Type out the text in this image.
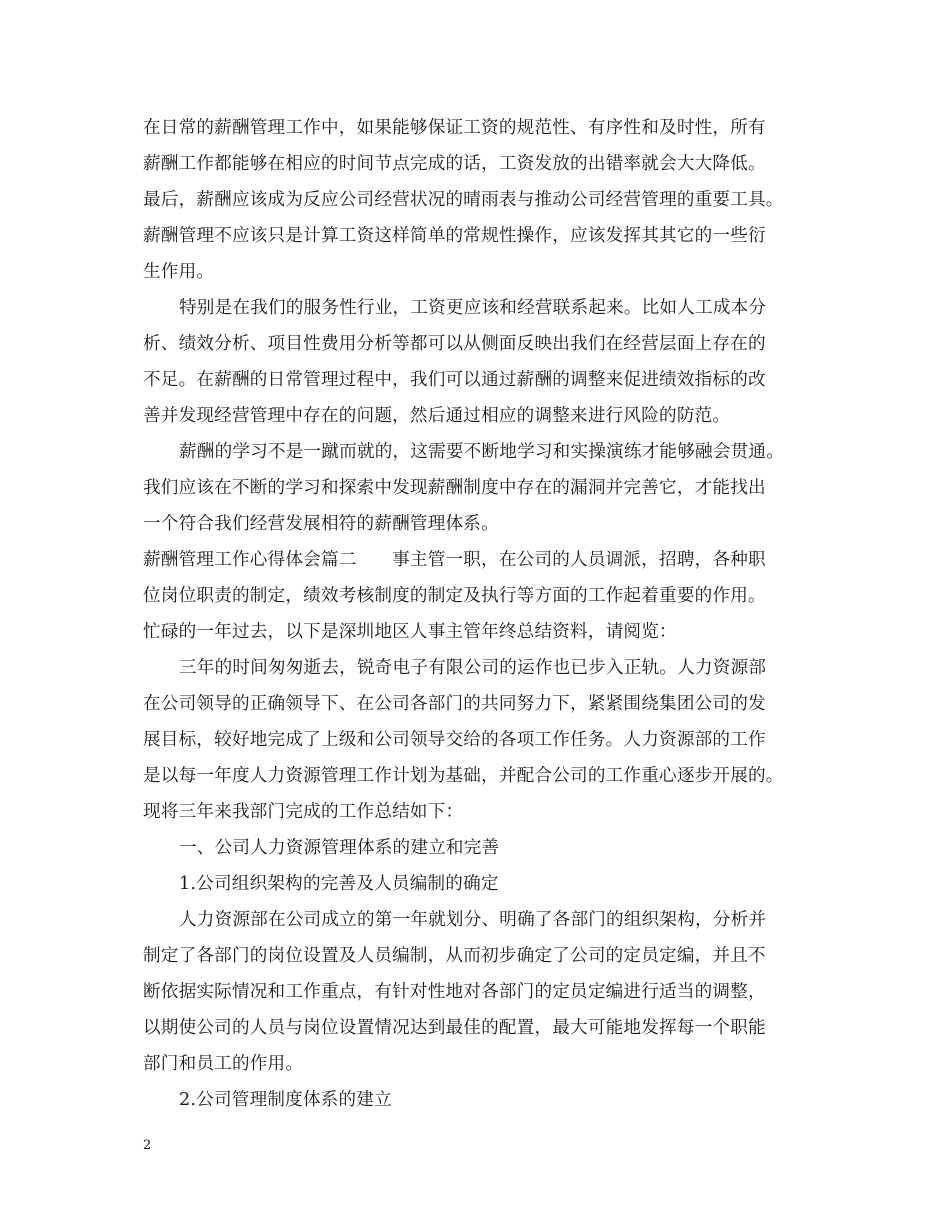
在日常的薪酬管理工作中，如果能够保证工资的规范性、有序性和及时性，所有
薪酬工作都能够在相应的时间节点完成的话，工资发放的出错率就会大大降低。
最后，薪酬应该成为反应公司经营状况的晴雨表与推动公司经营管理的重要工具。
薪酬管理不应该只是计算工资这样简单的常规性操作，应该发挥其其它的一些衍
生作用。
特别是在我们的服务性行业，工资更应该和经营联系起来。比如人工成本分
析、绩效分析、项目性费用分析等都可以从侧面反映出我们在经营层面上存在的
不足。在薪酬的日常管理过程中，我们可以通过薪酬的调整来促进绩效指标的改
善并发现经营管理中存在的问题，然后通过相应的调整来进行风险的防范。
薪酬的学习不是一蹴而就的，这需要不断地学习和实操演练才能够融会贯通。
我们应该在不断的学习和探索中发现薪酬制度中存在的漏洞并完善它，才能找出
一个符合我们经营发展相符的薪酬管理体系。
薪酬管理工作心得体会篇二　　事主管一职，在公司的人员调派，招聘，各种职
位岗位职责的制定，绩效考核制度的制定及执行等方面的工作起着重要的作用。
忙碌的一年过去，以下是深圳地区人事主管年终总结资料，请阅览：
三年的时间匆匆逝去，锐奇电子有限公司的运作也已步入正轨。人力资源部
在公司领导的正确领导下、在公司各部门的共同努力下，紧紧围绕集团公司的发
展目标，较好地完成了上级和公司领导交给的各项工作任务。人力资源部的工作
是以每一年度人力资源管理工作计划为基础，并配合公司的工作重心逐步开展的。
现将三年来我部门完成的工作总结如下：
一、公司人力资源管理体系的建立和完善
1.公司组织架构的完善及人员编制的确定
人力资源部在公司成立的第一年就划分、明确了各部门的组织架构，分析并
制定了各部门的岗位设置及人员编制，从而初步确定了公司的定员定编，并且不
断依据实际情况和工作重点，有针对性地对各部门的定员定编进行适当的调整，
以期使公司的人员与岗位设置情况达到最佳的配置，最大可能地发挥每一个职能
部门和员工的作用。
2.公司管理制度体系的建立
2
